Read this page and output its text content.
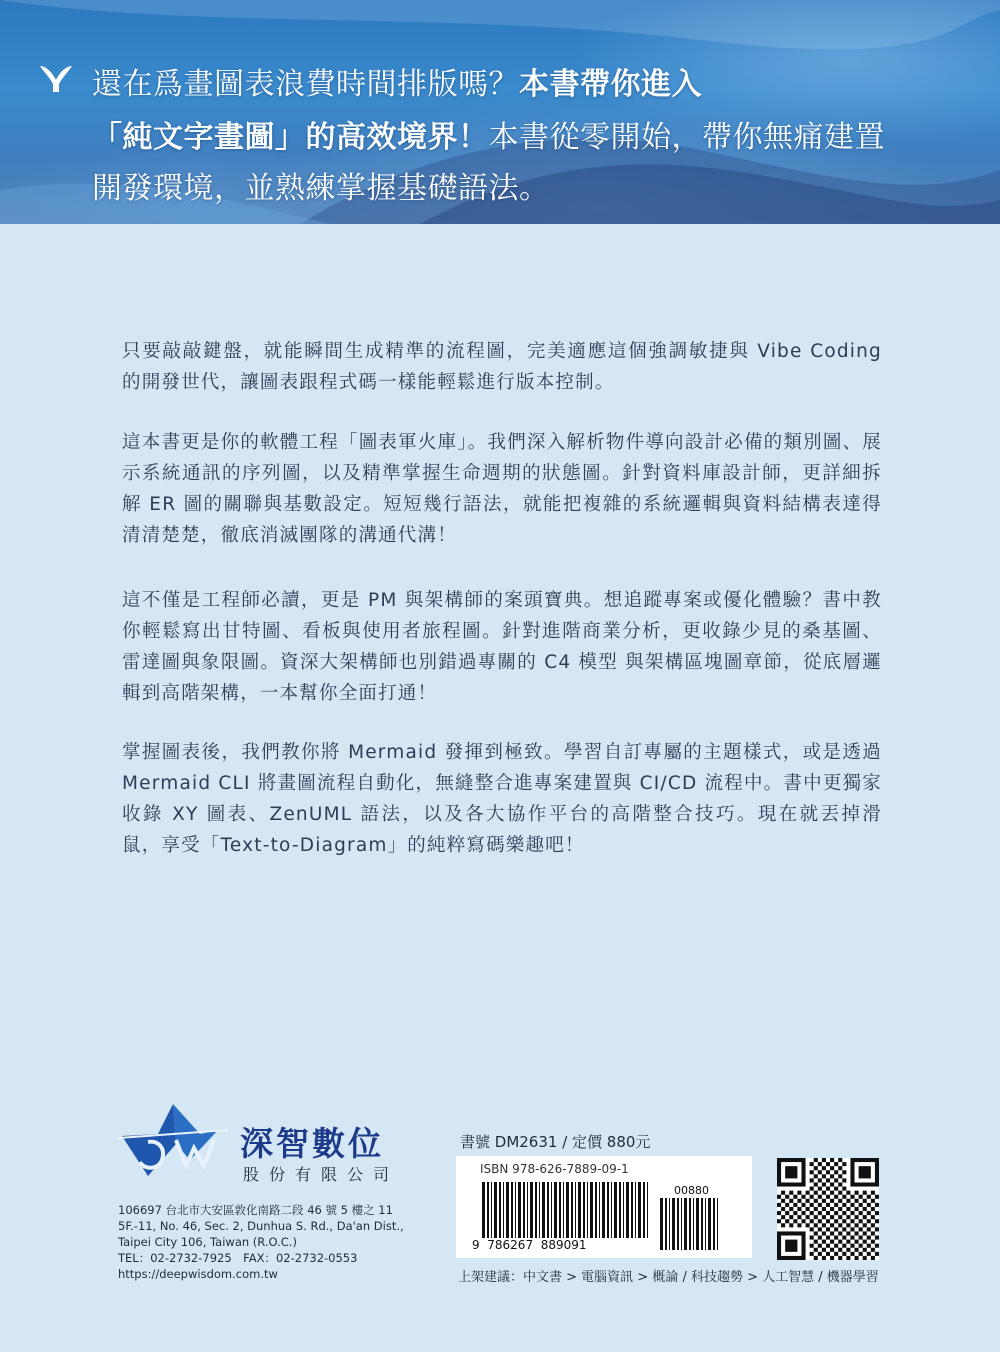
還在爲畫圖表浪費時間排版嗎？本書帶你進入
「純文字畫圖」的高效境界！本書從零開始，帶你無痛建置
開發環境，並熟練掌握基礎語法。
只要敲敲鍵盤，就能瞬間生成精準的流程圖，完美適應這個強調敏捷與 Vibe Coding 的開發世代，讓圖表跟程式碼一樣能輕鬆進行版本控制。
這本書更是你的軟體工程「圖表軍火庫」。我們深入解析物件導向設計必備的類別圖、展示系統通訊的序列圖，以及精準掌握生命週期的狀態圖。針對資料庫設計師，更詳細拆解 ER 圖的關聯與基數設定。短短幾行語法，就能把複雜的系統邏輯與資料結構表達得清清楚楚，徹底消滅團隊的溝通代溝！
這不僅是工程師必讀，更是 PM 與架構師的案頭寶典。想追蹤專案或優化體驗？書中教你輕鬆寫出甘特圖、看板與使用者旅程圖。針對進階商業分析，更收錄少見的桑基圖、雷達圖與象限圖。資深大架構師也別錯過專關的 C4 模型 與架構區塊圖章節，從底層邏輯到高階架構，一本幫你全面打通！
掌握圖表後，我們教你將 Mermaid 發揮到極致。學習自訂專屬的主題樣式，或是透過 Mermaid CLI 將畫圖流程自動化，無縫整合進專案建置與 CI/CD 流程中。書中更獨家收錄 XY 圖表、ZenUML 語法，以及各大協作平台的高階整合技巧。現在就丟掉滑鼠，享受「Text-to-Diagram」的純粹寫碼樂趣吧！
深智數位
股份有限公司
106697 台北市大安區敦化南路二段 46 號 5 樓之 11
5F.-11, No. 46, Sec. 2, Dunhua S. Rd., Da'an Dist.,
Taipei City 106, Taiwan (R.O.C.)
TEL：02-2732-7925　FAX：02-2732-0553
https://deepwisdom.com.tw
書號 DM2631 / 定價 880元
ISBN 978-626-7889-09-1
9  786267  889091
00880
上架建議：中文書 > 電腦資訊 > 概論 / 科技趨勢 > 人工智慧 / 機器學習
